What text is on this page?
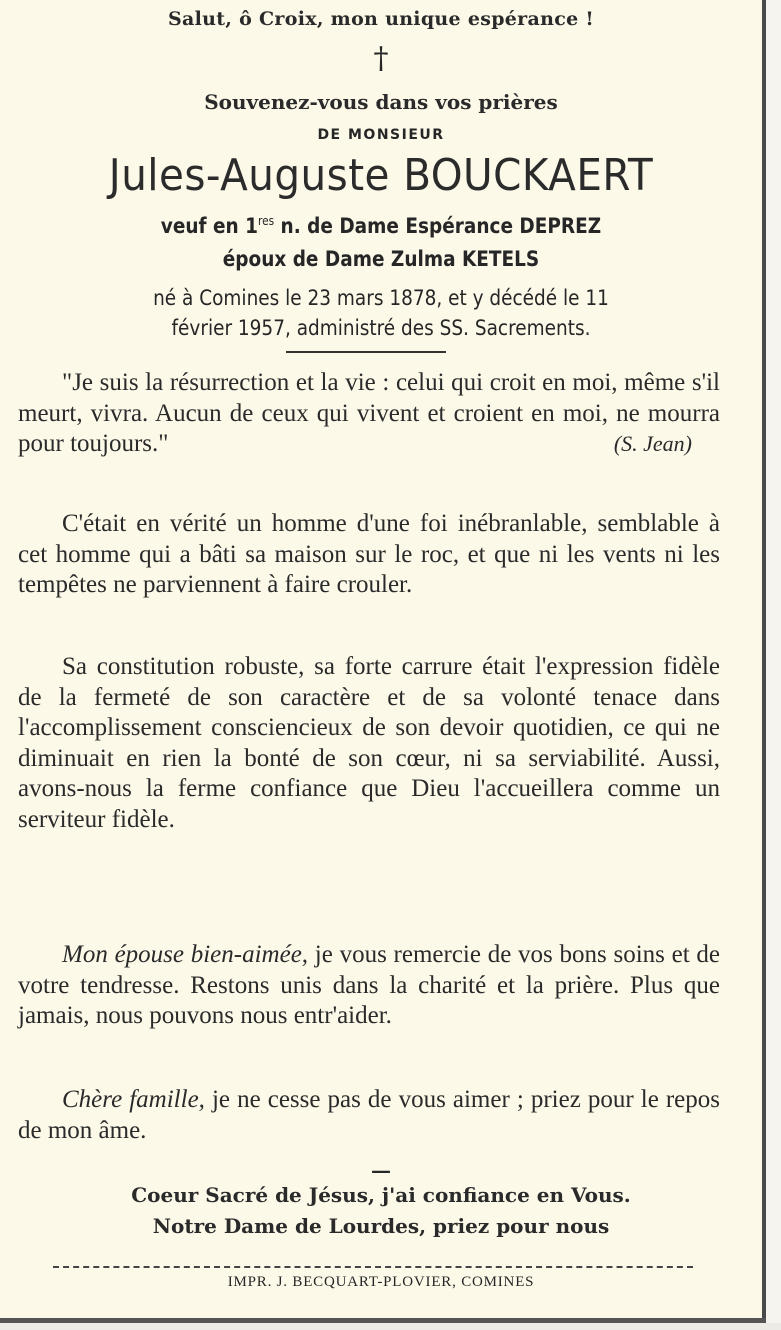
Salut, ô Croix, mon unique espérance !
†
Souvenez-vous dans vos prières
DE MONSIEUR
Jules-Auguste BOUCKAERT
veuf en 1res n. de Dame Espérance DEPREZ
époux de Dame Zulma KETELS
né à Comines le 23 mars 1878, et y décédé le 11 février 1957, administré des SS. Sacrements.

"Je suis la résurrection et la vie : celui qui croit en moi, même s'il meurt, vivra. Aucun de ceux qui vivent et croient en moi, ne mourra pour toujours."	(S. Jean)

C'était en vérité un homme d'une foi inébranlable, semblable à cet homme qui a bâti sa maison sur le roc, et que ni les vents ni les tempêtes ne parviennent à faire crouler.

Sa constitution robuste, sa forte carrure était l'expression fidèle de la fermeté de son caractère et de sa volonté tenace dans l'accomplissement consciencieux de son devoir quotidien, ce qui ne diminuait en rien la bonté de son cœur, ni sa serviabilité. Aussi, avons-nous la ferme confiance que Dieu l'accueillera comme un serviteur fidèle.

Mon épouse bien-aimée, je vous remercie de vos bons soins et de votre tendresse. Restons unis dans la charité et la prière. Plus que jamais, nous pouvons nous entr'aider.

Chère famille, je ne cesse pas de vous aimer ; priez pour le repos de mon âme.

—
Coeur Sacré de Jésus, j'ai confiance en Vous.
Notre Dame de Lourdes, priez pour nous
IMPR. J. BECQUART-PLOVIER, COMINES
